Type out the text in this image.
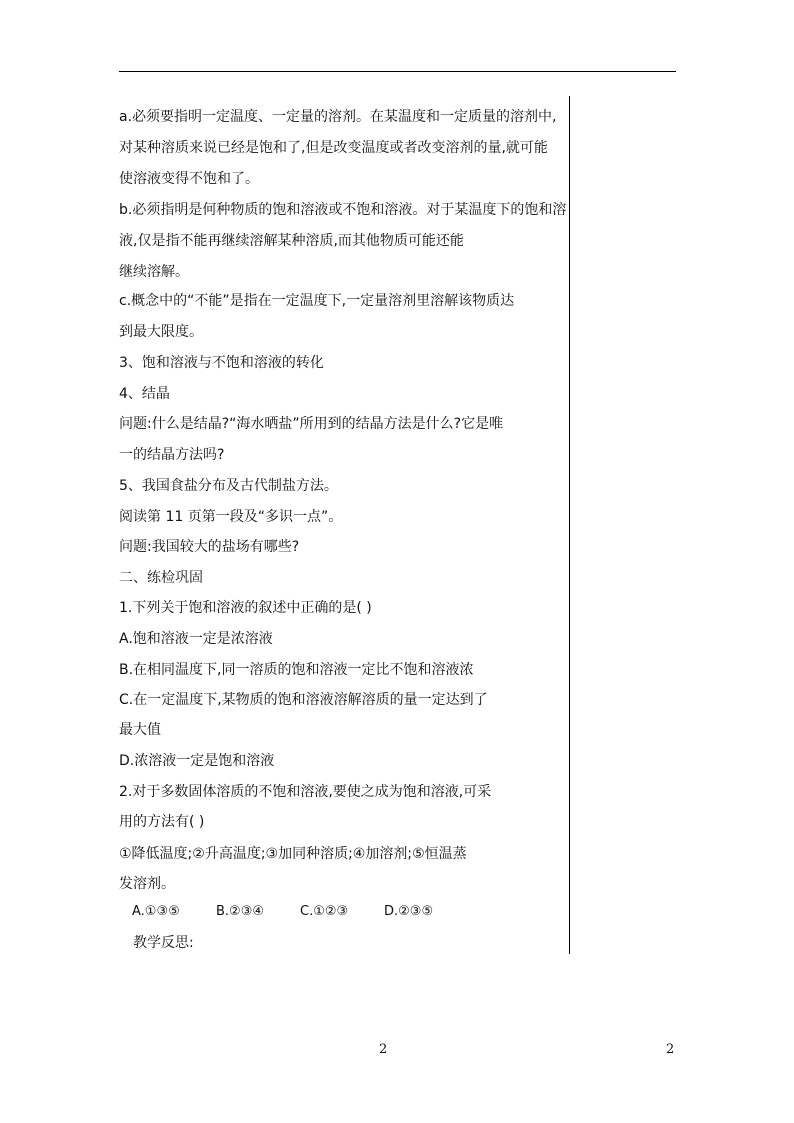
a.必须要指明一定温度、一定量的溶剂。在某温度和一定质量的溶剂中,
对某种溶质来说已经是饱和了,但是改变温度或者改变溶剂的量,就可能
使溶液变得不饱和了。
b.必须指明是何种物质的饱和溶液或不饱和溶液。对于某温度下的饱和溶
液,仅是指不能再继续溶解某种溶质,而其他物质可能还能
继续溶解。
c.概念中的“不能”是指在一定温度下,一定量溶剂里溶解该物质达
到最大限度。
3、饱和溶液与不饱和溶液的转化
4、结晶
问题:什么是结晶?“海水晒盐”所用到的结晶方法是什么?它是唯
一的结晶方法吗?
5、我国食盐分布及古代制盐方法。
阅读第 11 页第一段及“多识一点”。
问题:我国较大的盐场有哪些?
二、练检巩固
1.下列关于饱和溶液的叙述中正确的是( )
A.饱和溶液一定是浓溶液
B.在相同温度下,同一溶质的饱和溶液一定比不饱和溶液浓
C.在一定温度下,某物质的饱和溶液溶解溶质的量一定达到了
最大值
D.浓溶液一定是饱和溶液
2.对于多数固体溶质的不饱和溶液,要使之成为饱和溶液,可采
用的方法有( )
①降低温度;②升高温度;③加同种溶质;④加溶剂;⑤恒温蒸
发溶剂。
A.①③⑤	B.②③④	C.①②③	D.②③⑤
教学反思:
2	2
